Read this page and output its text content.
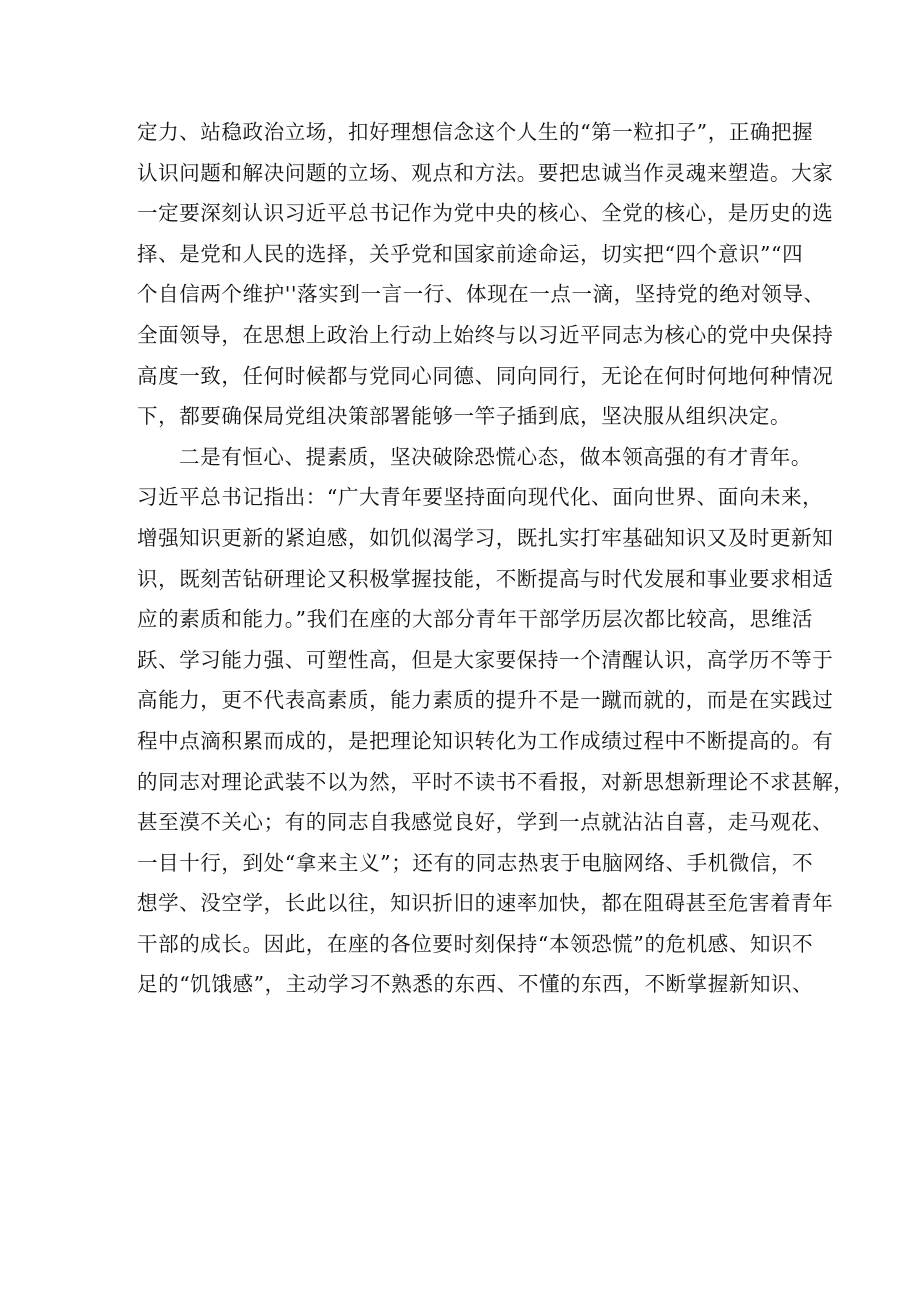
定力、站稳政治立场，扣好理想信念这个人生的“第一粒扣子”，正确把握
认识问题和解决问题的立场、观点和方法。要把忠诚当作灵魂来塑造。大家
一定要深刻认识习近平总书记作为党中央的核心、全党的核心，是历史的选
择、是党和人民的选择，关乎党和国家前途命运，切实把“四个意识”“四
个自信两个维护''落实到一言一行、体现在一点一滴，坚持党的绝对领导、
全面领导，在思想上政治上行动上始终与以习近平同志为核心的党中央保持
高度一致，任何时候都与党同心同德、同向同行，无论在何时何地何种情况
下，都要确保局党组决策部署能够一竿子插到底，坚决服从组织决定。
二是有恒心、提素质，坚决破除恐慌心态，做本领高强的有才青年。
习近平总书记指出：“广大青年要坚持面向现代化、面向世界、面向未来，
增强知识更新的紧迫感，如饥似渴学习，既扎实打牢基础知识又及时更新知
识，既刻苦钻研理论又积极掌握技能，不断提高与时代发展和事业要求相适
应的素质和能力。”我们在座的大部分青年干部学历层次都比较高，思维活
跃、学习能力强、可塑性高，但是大家要保持一个清醒认识，高学历不等于
高能力，更不代表高素质，能力素质的提升不是一蹴而就的，而是在实践过
程中点滴积累而成的，是把理论知识转化为工作成绩过程中不断提高的。有
的同志对理论武装不以为然，平时不读书不看报，对新思想新理论不求甚解，
甚至漠不关心；有的同志自我感觉良好，学到一点就沾沾自喜，走马观花、
一目十行，到处“拿来主义”；还有的同志热衷于电脑网络、手机微信，不
想学、没空学，长此以往，知识折旧的速率加快，都在阻碍甚至危害着青年
干部的成长。因此，在座的各位要时刻保持“本领恐慌”的危机感、知识不
足的“饥饿感”，主动学习不熟悉的东西、不懂的东西，不断掌握新知识、
